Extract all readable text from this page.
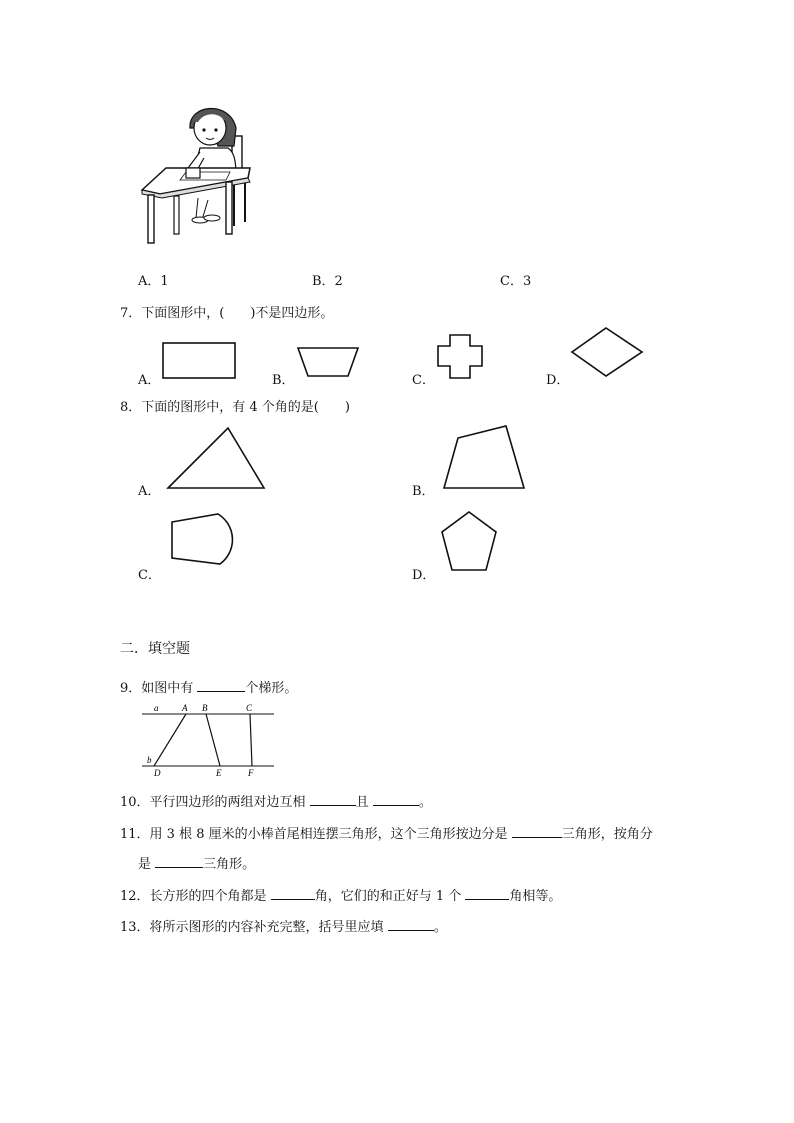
A．1	B．2	C．3
7．下面图形中，(　　)不是四边形。
A．	B．	C．	D．
8．下面的图形中，有 4 个角的是(　　)
A．	B．
C．	D．
二．填空题
9．如图中有	个梯形。
a	A B	C
b
D	E	F
10．平行四边形的两组对边互相	且	。
11．用 3 根 8 厘米的小棒首尾相连摆三角形，这个三角形按边分是	三角形，按角分
是	三角形。
12．长方形的四个角都是	角，它们的和正好与 1 个	角相等。
13．将所示图形的内容补充完整，括号里应填	。
